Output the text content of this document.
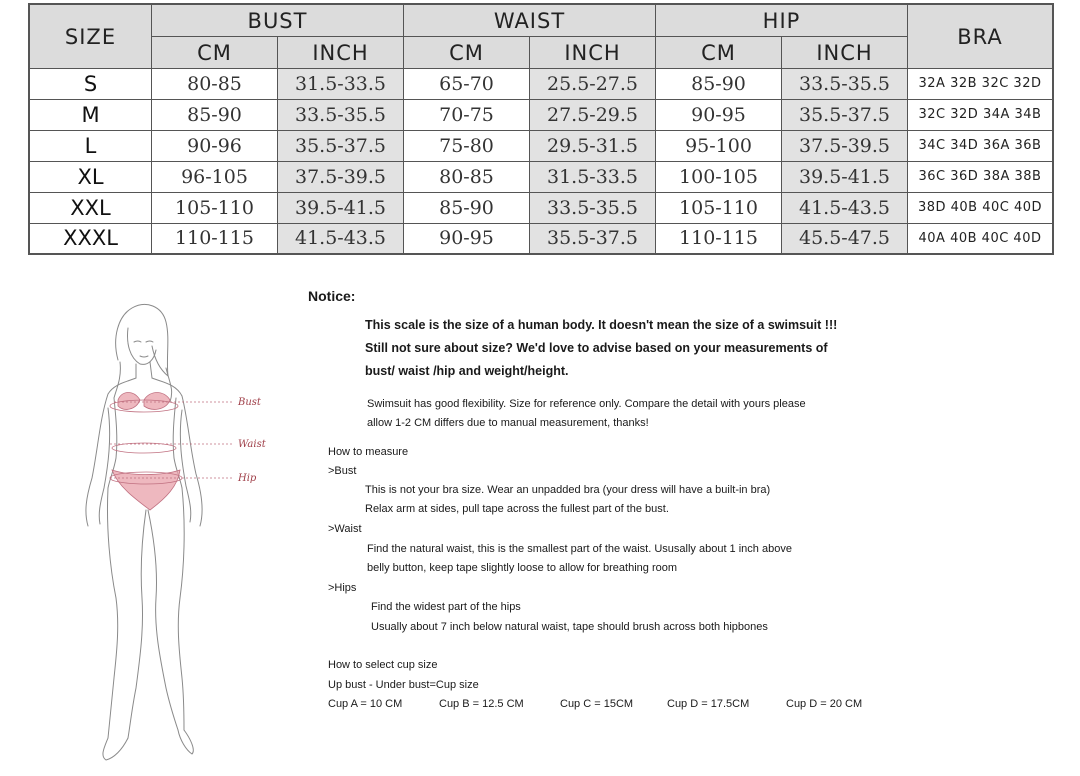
SIZE	BUST		WAIST		HIP		BRA
	CM	INCH	CM	INCH	CM	INCH	
S	80-85	31.5-33.5	65-70	25.5-27.5	85-90	33.5-35.5	32A 32B 32C 32D
M	85-90	33.5-35.5	70-75	27.5-29.5	90-95	35.5-37.5	32C 32D 34A 34B
L	90-96	35.5-37.5	75-80	29.5-31.5	95-100	37.5-39.5	34C 34D 36A 36B
XL	96-105	37.5-39.5	80-85	31.5-33.5	100-105	39.5-41.5	36C 36D 38A 38B
XXL	105-110	39.5-41.5	85-90	33.5-35.5	105-110	41.5-43.5	38D 40B 40C 40D
XXXL	110-115	41.5-43.5	90-95	35.5-37.5	110-115	45.5-47.5	40A 40B 40C 40D
Bust
Waist
Hip
Notice:
This scale is the size of a human body. It doesn't mean the size of a swimsuit !!!
Still not sure about size? We'd love to advise based on your measurements of
bust/ waist /hip and weight/height.
Swimsuit has good flexibility. Size for reference only. Compare the detail with yours please
allow 1-2 CM differs due to manual measurement, thanks!
How to measure
>Bust
This is not your bra size. Wear an unpadded bra (your dress will have a built-in bra)
Relax arm at sides, pull tape across the fullest part of the bust.
>Waist
Find the natural waist, this is the smallest part of the waist. Ususally about 1 inch above
belly button, keep tape slightly loose to allow for breathing room
>Hips
Find the widest part of the hips
Usually about 7 inch below natural waist, tape should brush across both hipbones
How to select cup size
Up bust - Under bust=Cup size
Cup A = 10 CM	Cup B = 12.5 CM	Cup C = 15CM	Cup D = 17.5CM	Cup D = 20 CM
